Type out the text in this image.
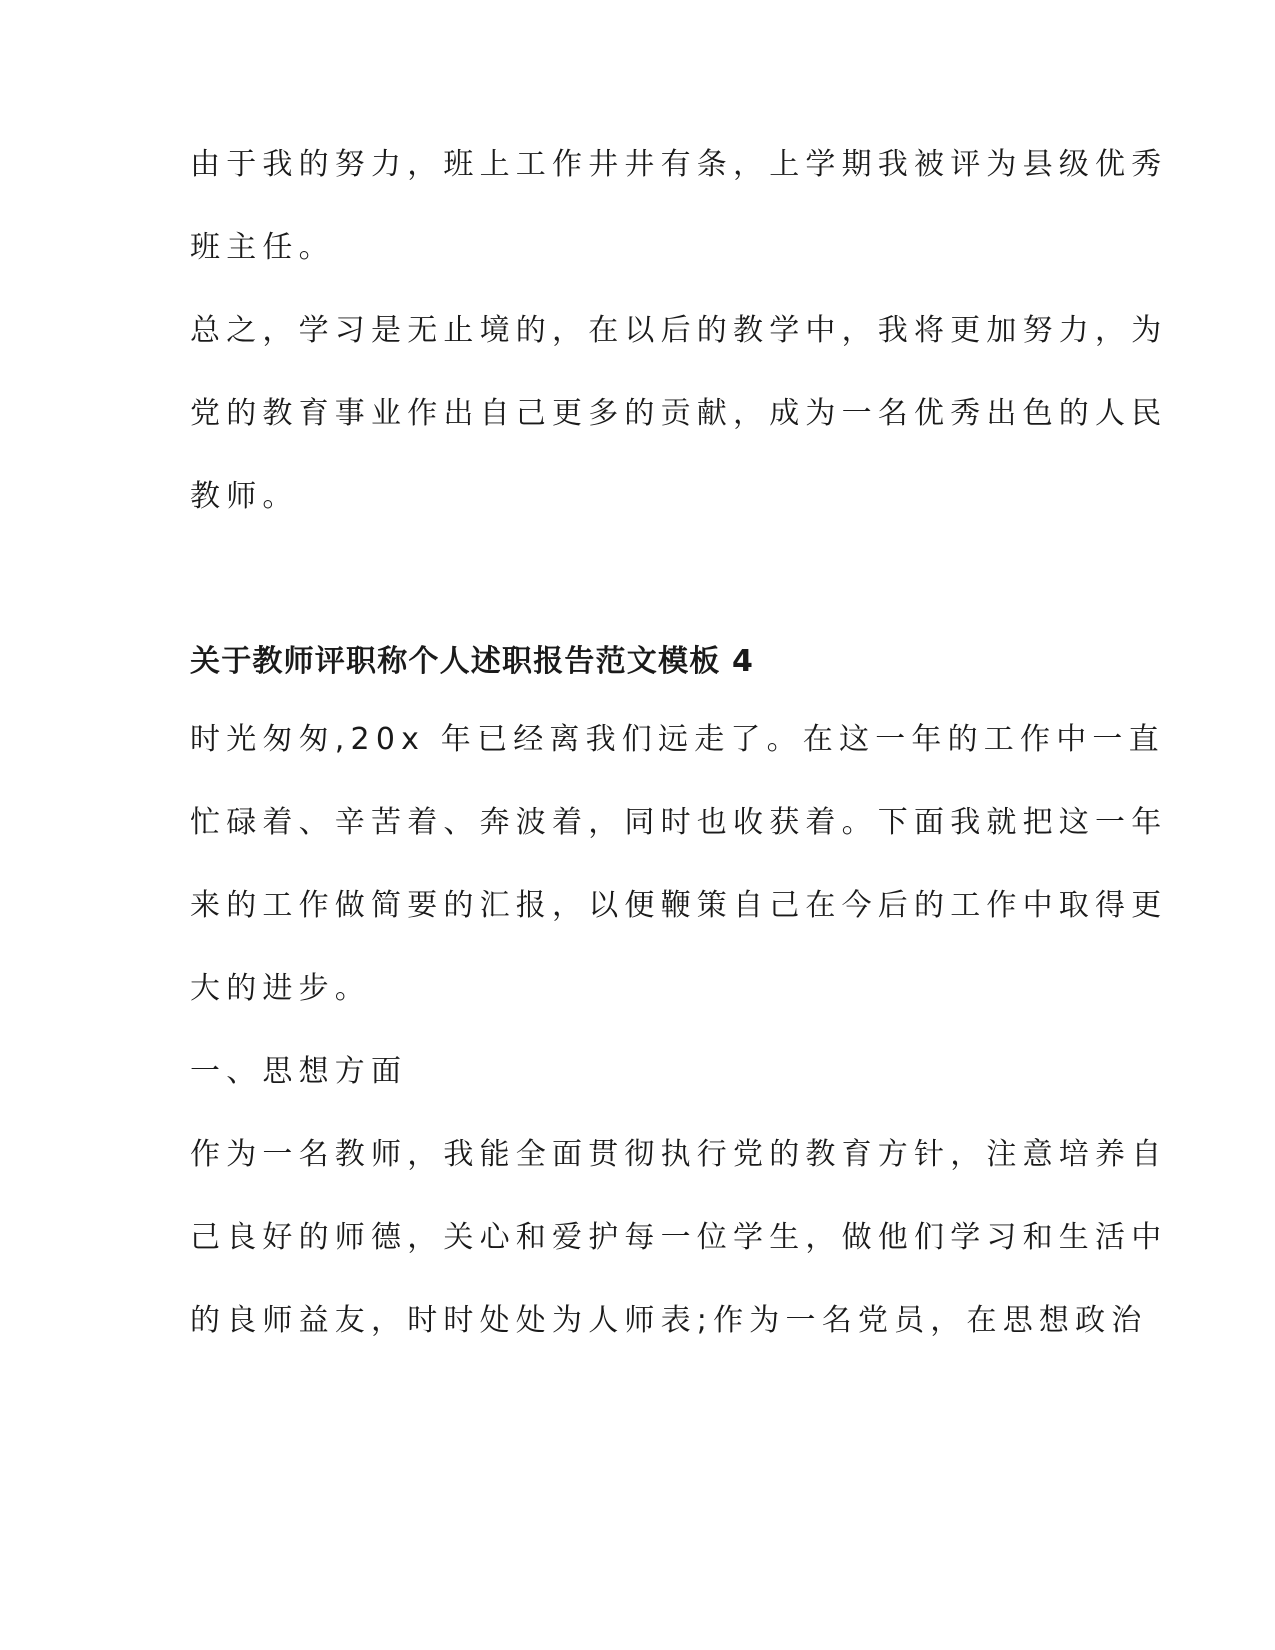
由于我的努力，班上工作井井有条，上学期我被评为县级优秀
班主任。
总之，学习是无止境的，在以后的教学中，我将更加努力，为
党的教育事业作出自己更多的贡献，成为一名优秀出色的人民
教师。
关于教师评职称个人述职报告范文模板 4
时光匆匆,20x 年已经离我们远走了。在这一年的工作中一直
忙碌着、辛苦着、奔波着，同时也收获着。下面我就把这一年
来的工作做简要的汇报，以便鞭策自己在今后的工作中取得更
大的进步。
一、思想方面
作为一名教师，我能全面贯彻执行党的教育方针，注意培养自
己良好的师德，关心和爱护每一位学生，做他们学习和生活中
的良师益友，时时处处为人师表;作为一名党员，在思想政治
